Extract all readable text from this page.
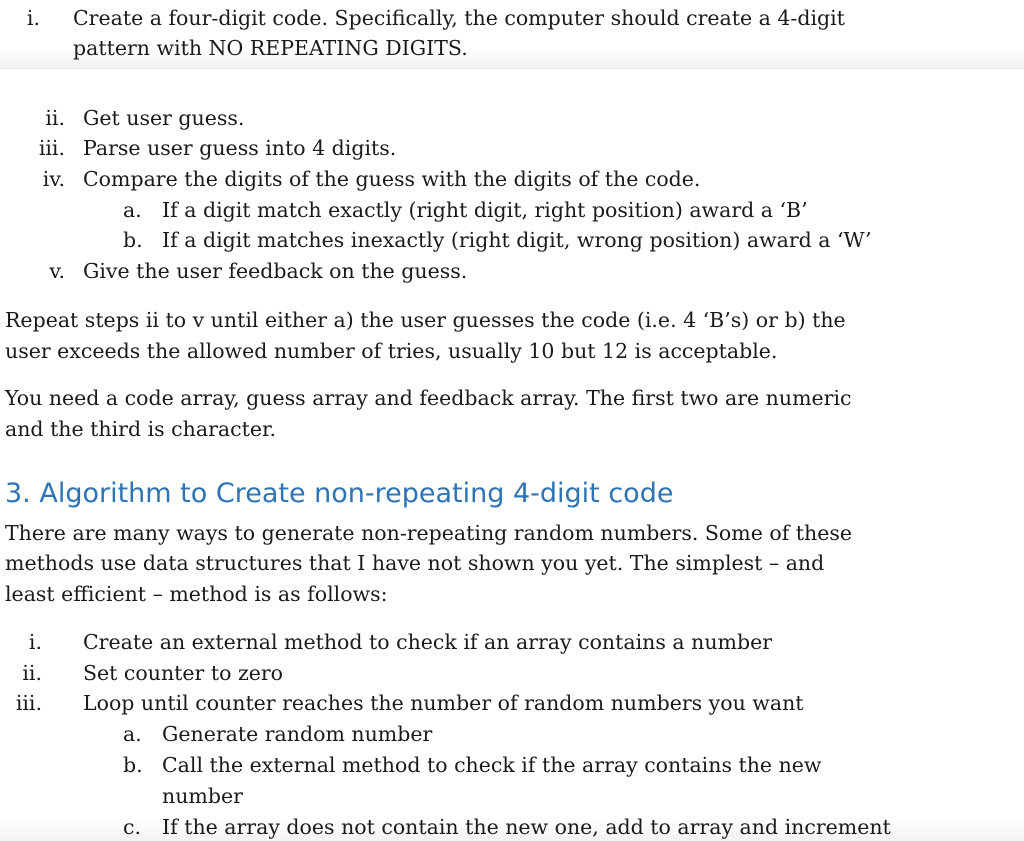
i. Create a four-digit code. Specifically, the computer should create a 4-digit
pattern with NO REPEATING DIGITS.
ii. Get user guess.
iii. Parse user guess into 4 digits.
iv. Compare the digits of the guess with the digits of the code.
a. If a digit match exactly (right digit, right position) award a ‘B’
b. If a digit matches inexactly (right digit, wrong position) award a ‘W’
v. Give the user feedback on the guess.
Repeat steps ii to v until either a) the user guesses the code (i.e. 4 ‘B’s) or b) the
user exceeds the allowed number of tries, usually 10 but 12 is acceptable.
You need a code array, guess array and feedback array. The first two are numeric
and the third is character.
3. Algorithm to Create non-repeating 4-digit code
There are many ways to generate non-repeating random numbers. Some of these
methods use data structures that I have not shown you yet. The simplest – and
least efficient – method is as follows:
i. Create an external method to check if an array contains a number
ii. Set counter to zero
iii. Loop until counter reaches the number of random numbers you want
a. Generate random number
b. Call the external method to check if the array contains the new
number
c. If the array does not contain the new one, add to array and increment
